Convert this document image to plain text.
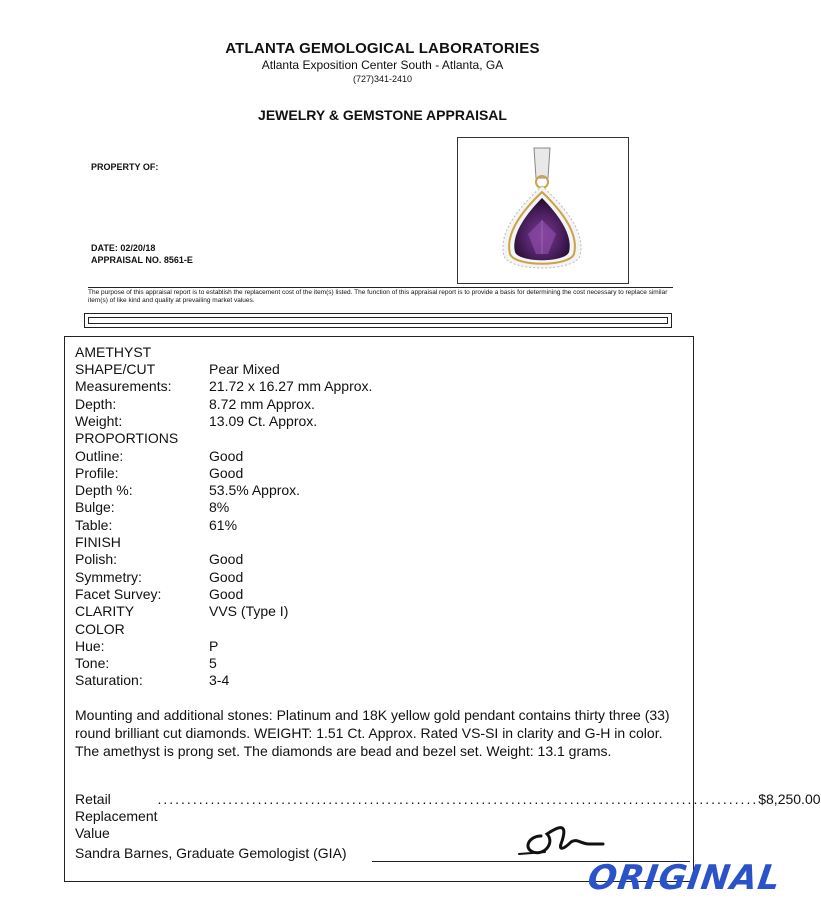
ATLANTA GEMOLOGICAL LABORATORIES
Atlanta Exposition Center South - Atlanta, GA
(727)341-2410
JEWELRY & GEMSTONE APPRAISAL
PROPERTY OF:
DATE: 02/20/18
APPRAISAL NO. 8561-E
The purpose of this appraisal report is to establish the replacement cost of the item(s) listed. The function of this appraisal report is to provide a basis for determining the cost necessary to replace similar item(s) of like kind and quality at prevailing market values.
AMETHYST
SHAPE/CUT	Pear Mixed
Measurements:	21.72 x 16.27 mm Approx.
Depth:	8.72 mm Approx.
Weight:	13.09 Ct. Approx.
PROPORTIONS
Outline:	Good
Profile:	Good
Depth %:	53.5% Approx.
Bulge:	8%
Table:	61%
FINISH
Polish:	Good
Symmetry:	Good
Facet Survey:	Good
CLARITY	VVS (Type I)
COLOR
Hue:	P
Tone:	5
Saturation:	3-4
Mounting and additional stones: Platinum and 18K yellow gold pendant contains thirty three (33) round brilliant cut diamonds. WEIGHT: 1.51 Ct. Approx. Rated VS-SI in clarity and G-H in color. The amethyst is prong set. The diamonds are bead and bezel set. Weight: 13.1 grams.
Retail Replacement Value
...................................................................................................... $8,250.00
Sandra Barnes, Graduate Gemologist (GIA)
ORIGINAL
